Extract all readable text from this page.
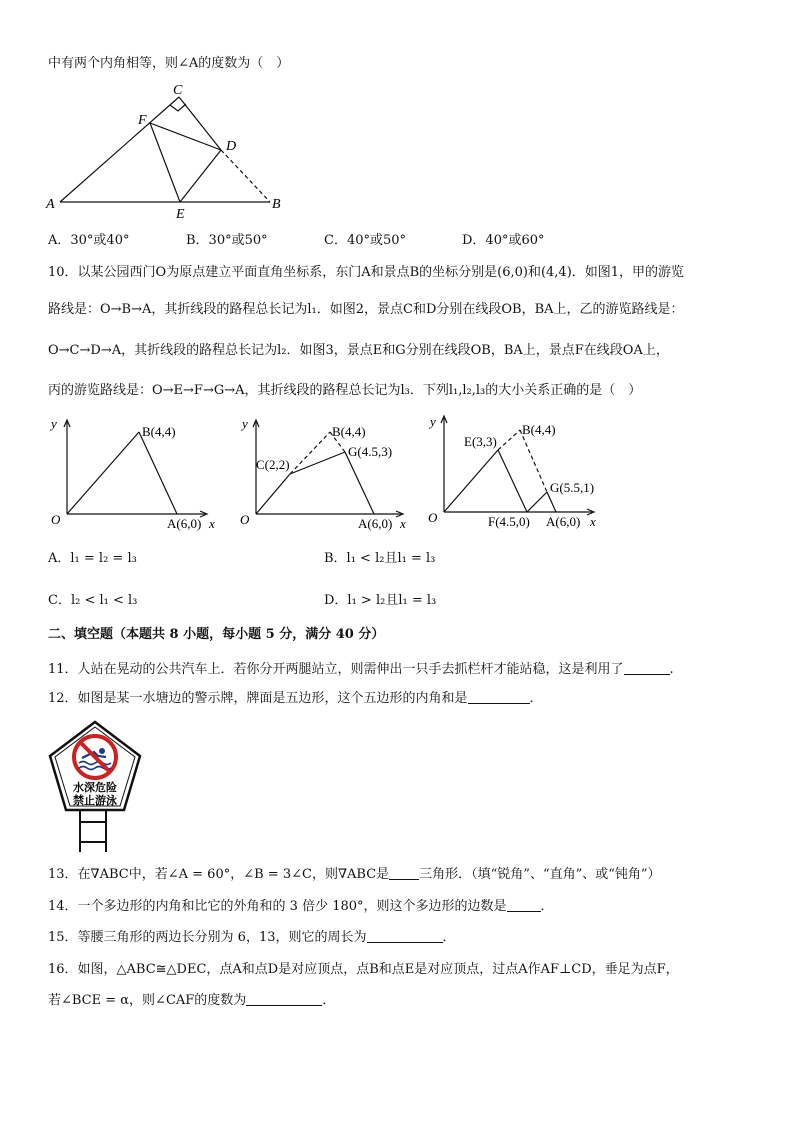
中有两个内角相等，则∠A的度数为（　）
C
F
D
A
E
B
A．30°或40°	B．30°或50°	C．40°或50°	D．40°或60°
10．以某公园西门O为原点建立平面直角坐标系，东门A和景点B的坐标分别是(6,0)和(4,4)．如图1，甲的游览
路线是：O→B→A，其折线段的路程总长记为l₁．如图2，景点C和D分别在线段OB，BA上，乙的游览路线是：
O→C→D→A，其折线段的路程总长记为l₂．如图3，景点E和G分别在线段OB，BA上，景点F在线段OA上，
丙的游览路线是：O→E→F→G→A，其折线段的路程总长记为l₃．下列l₁,l₂,l₃的大小关系正确的是（　）
y
O
B(4,4)
A(6,0) x
y
O
B(4,4)
C(2,2)
G(4.5,3)
A(6,0) x
y
O
E(3,3)
B(4,4)
G(5.5,1)
F(4.5,0) A(6,0) x
A．l₁ = l₂ = l₃	B．l₁ < l₂且l₁ = l₃
C．l₂ < l₁ < l₃	D．l₁ > l₂且l₁ = l₃
二、填空题（本题共 8 小题，每小题 5 分，满分 40 分）
11．人站在晃动的公共汽车上．若你分开两腿站立，则需伸出一只手去抓栏杆才能站稳，这是利用了	.
12．如图是某一水塘边的警示牌，牌面是五边形，这个五边形的内角和是	．
水深危险
禁止游泳
13．在∇ABC中，若∠A = 60°，∠B = 3∠C，则∇ABC是 三角形．（填“锐角”、“直角”、或“钝角”）
14．一个多边形的内角和比它的外角和的 3 倍少 180°，则这个多边形的边数是	．
15．等腰三角形的两边长分别为 6，13，则它的周长为	．
16．如图，△ABC≅△DEC，点A和点D是对应顶点，点B和点E是对应顶点，过点A作AF⊥CD，垂足为点F，
若∠BCE = α，则∠CAF的度数为	．
